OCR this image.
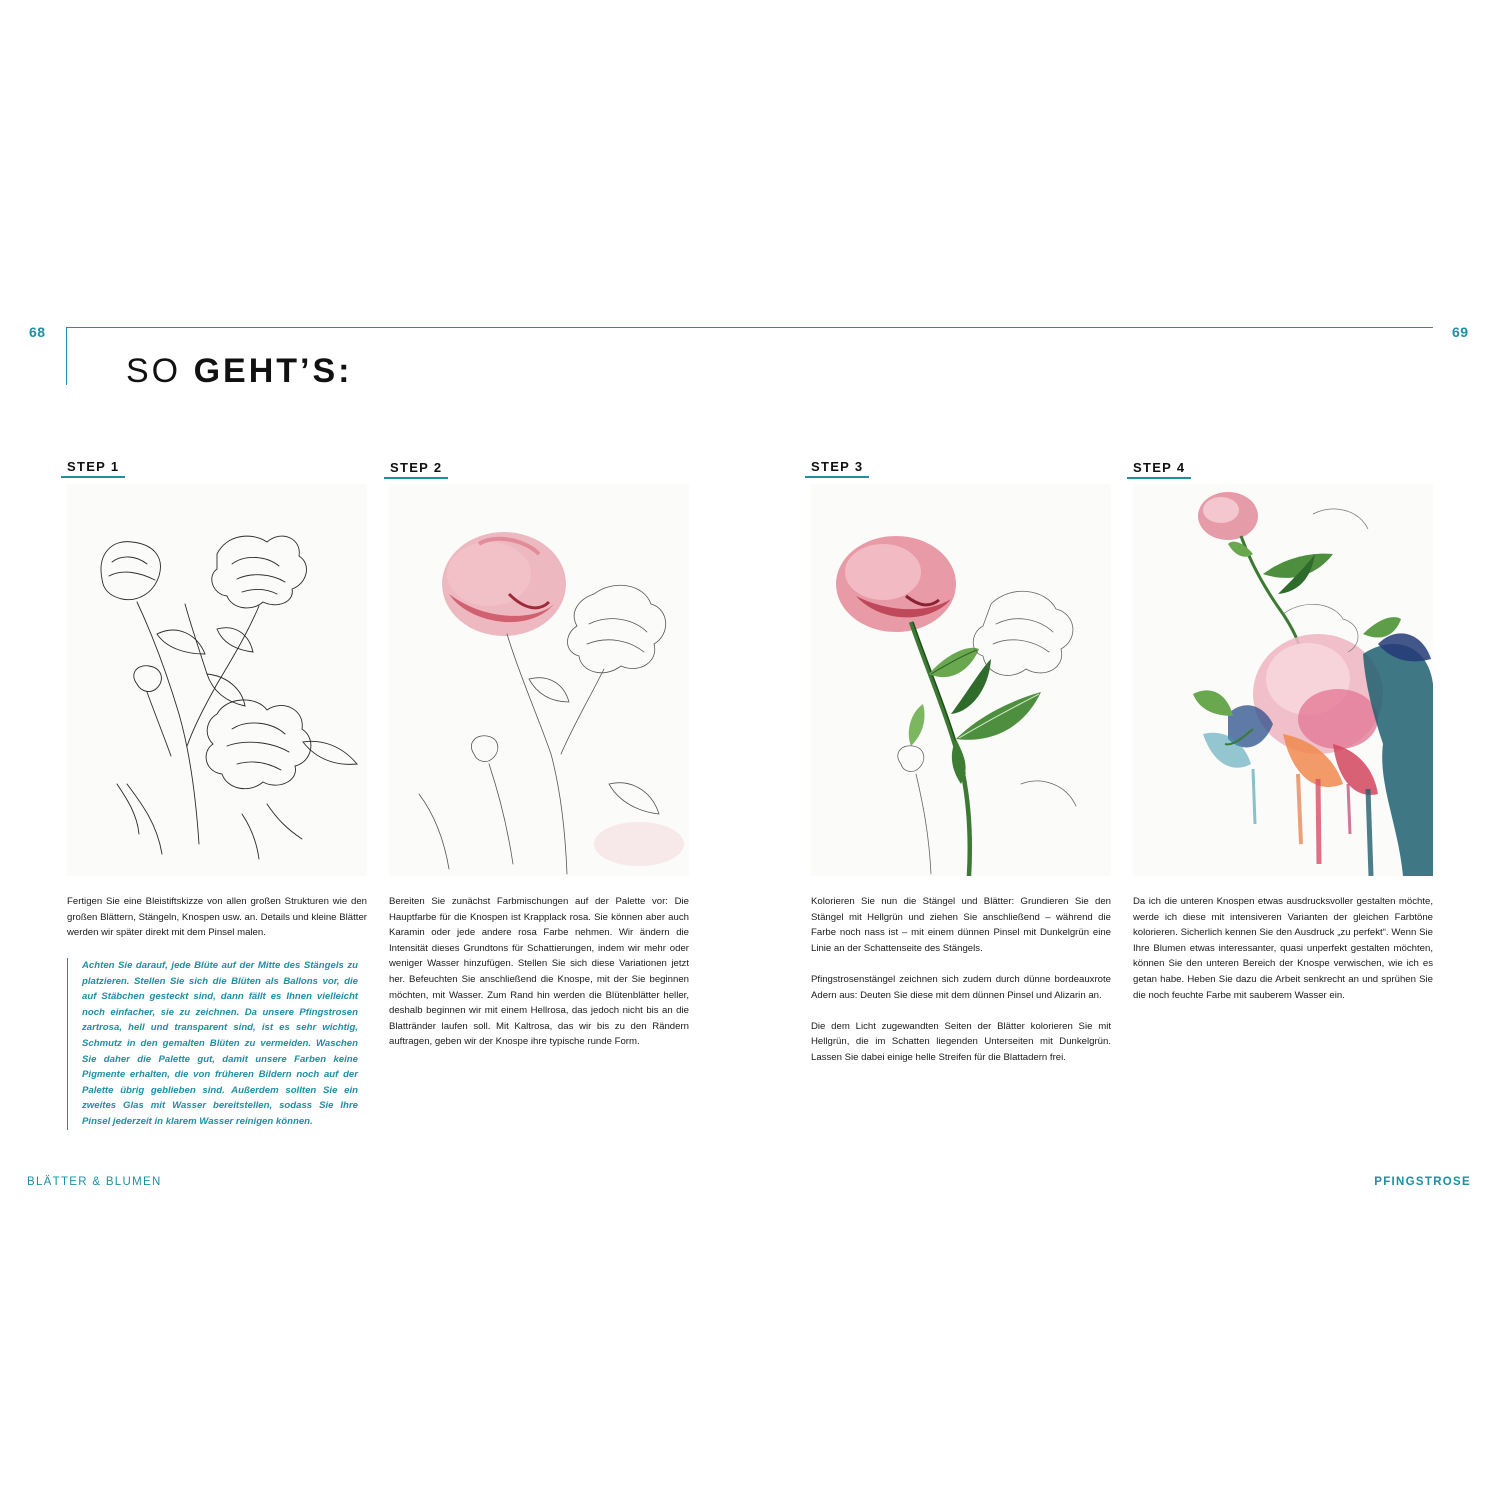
68	69
SO GEHT’S:
STEP 1	STEP 2	STEP 3	STEP 4

Fertigen Sie eine Bleistiftskizze von allen großen Strukturen wie den großen Blättern, Stängeln, Knospen usw. an. Details und kleine Blätter werden wir später direkt mit dem Pinsel malen.

Achten Sie darauf, jede Blüte auf der Mitte des Stängels zu platzieren. Stellen Sie sich die Blüten als Ballons vor, die auf Stäbchen gesteckt sind, dann fällt es Ihnen vielleicht noch einfacher, sie zu zeichnen. Da unsere Pfingstrosen zartrosa, hell und transparent sind, ist es sehr wichtig, Schmutz in den gemalten Blüten zu vermeiden. Waschen Sie daher die Palette gut, damit unsere Farben keine Pigmente erhalten, die von früheren Bildern noch auf der Palette übrig geblieben sind. Außerdem sollten Sie ein zweites Glas mit Wasser bereitstellen, sodass Sie Ihre Pinsel jederzeit in klarem Wasser reinigen können.

Bereiten Sie zunächst Farbmischungen auf der Palette vor: Die Hauptfarbe für die Knospen ist Krapplack rosa. Sie können aber auch Karamin oder jede andere rosa Farbe nehmen. Wir ändern die Intensität dieses Grundtons für Schattierungen, indem wir mehr oder weniger Wasser hinzufügen. Stellen Sie sich diese Variationen jetzt her. Befeuchten Sie anschließend die Knospe, mit der Sie beginnen möchten, mit Wasser. Zum Rand hin werden die Blütenblätter heller, deshalb beginnen wir mit einem Hellrosa, das jedoch nicht bis an die Blattränder laufen soll. Mit Kaltrosa, das wir bis zu den Rändern auftragen, geben wir der Knospe ihre typische runde Form.

Kolorieren Sie nun die Stängel und Blätter: Grundieren Sie den Stängel mit Hellgrün und ziehen Sie anschließend – während die Farbe noch nass ist – mit einem dünnen Pinsel mit Dunkelgrün eine Linie an der Schattenseite des Stängels.

Pfingstrosenstängel zeichnen sich zudem durch dünne bordeauxrote Adern aus: Deuten Sie diese mit dem dünnen Pinsel und Alizarin an.

Die dem Licht zugewandten Seiten der Blätter kolorieren Sie mit Hellgrün, die im Schatten liegenden Unterseiten mit Dunkelgrün. Lassen Sie dabei einige helle Streifen für die Blattadern frei.

Da ich die unteren Knospen etwas ausdrucksvoller gestalten möchte, werde ich diese mit intensiveren Varianten der gleichen Farbtöne kolorieren. Sicherlich kennen Sie den Ausdruck „zu perfekt“. Wenn Sie Ihre Blumen etwas interessanter, quasi unperfekt gestalten möchten, können Sie den unteren Bereich der Knospe verwischen, wie ich es getan habe. Heben Sie dazu die Arbeit senkrecht an und sprühen Sie die noch feuchte Farbe mit sauberem Wasser ein.

BLÄTTER & BLUMEN	PFINGSTROSE
